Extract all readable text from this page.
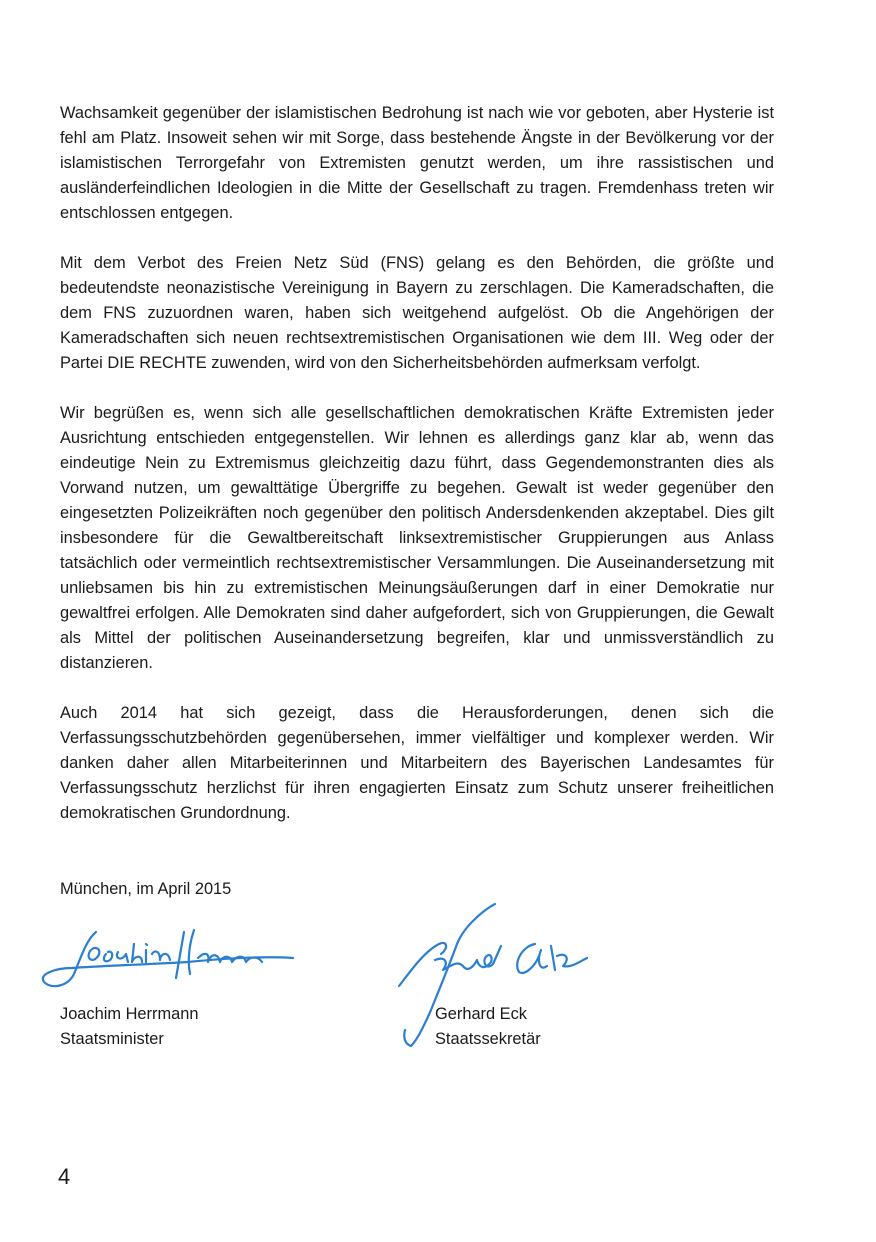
Wachsamkeit gegenüber der islamistischen Bedrohung ist nach wie vor geboten, aber Hysterie ist fehl am Platz. Insoweit sehen wir mit Sorge, dass bestehende Ängste in der Bevölkerung vor der islamistischen Terrorgefahr von Extremisten genutzt werden, um ihre rassistischen und ausländerfeindlichen Ideologien in die Mitte der Gesellschaft zu tragen. Fremdenhass treten wir entschlossen entgegen.

Mit dem Verbot des Freien Netz Süd (FNS) gelang es den Behörden, die größte und bedeutendste neonazistische Vereinigung in Bayern zu zerschlagen. Die Kameradschaften, die dem FNS zuzuordnen waren, haben sich weitgehend aufgelöst. Ob die Angehörigen der Kameradschaften sich neuen rechtsextremistischen Organisationen wie dem III. Weg oder der Partei DIE RECHTE zuwenden, wird von den Sicherheitsbehörden aufmerksam verfolgt.

Wir begrüßen es, wenn sich alle gesellschaftlichen demokratischen Kräfte Extremisten jeder Ausrichtung entschieden entgegenstellen. Wir lehnen es allerdings ganz klar ab, wenn das eindeutige Nein zu Extremismus gleichzeitig dazu führt, dass Gegendemonstranten dies als Vorwand nutzen, um gewalttätige Übergriffe zu begehen. Gewalt ist weder gegenüber den eingesetzten Polizeikräften noch gegenüber den politisch Andersdenkenden akzeptabel. Dies gilt insbesondere für die Gewaltbereitschaft linksextremistischer Gruppierungen aus Anlass tatsächlich oder vermeintlich rechtsextremistischer Versammlungen. Die Auseinandersetzung mit unliebsamen bis hin zu extremistischen Meinungsäußerungen darf in einer Demokratie nur gewaltfrei erfolgen. Alle Demokraten sind daher aufgefordert, sich von Gruppierungen, die Gewalt als Mittel der politischen Auseinandersetzung begreifen, klar und unmissverständlich zu distanzieren.

Auch 2014 hat sich gezeigt, dass die Herausforderungen, denen sich die Verfassungsschutzbehörden gegenübersehen, immer vielfältiger und komplexer werden. Wir danken daher allen Mitarbeiterinnen und Mitarbeitern des Bayerischen Landesamtes für Verfassungsschutz herzlichst für ihren engagierten Einsatz zum Schutz unserer freiheitlichen demokratischen Grundordnung.

München, im April 2015
Joachim Herrmann
Staatsminister
Gerhard Eck
Staatssekretär
4
